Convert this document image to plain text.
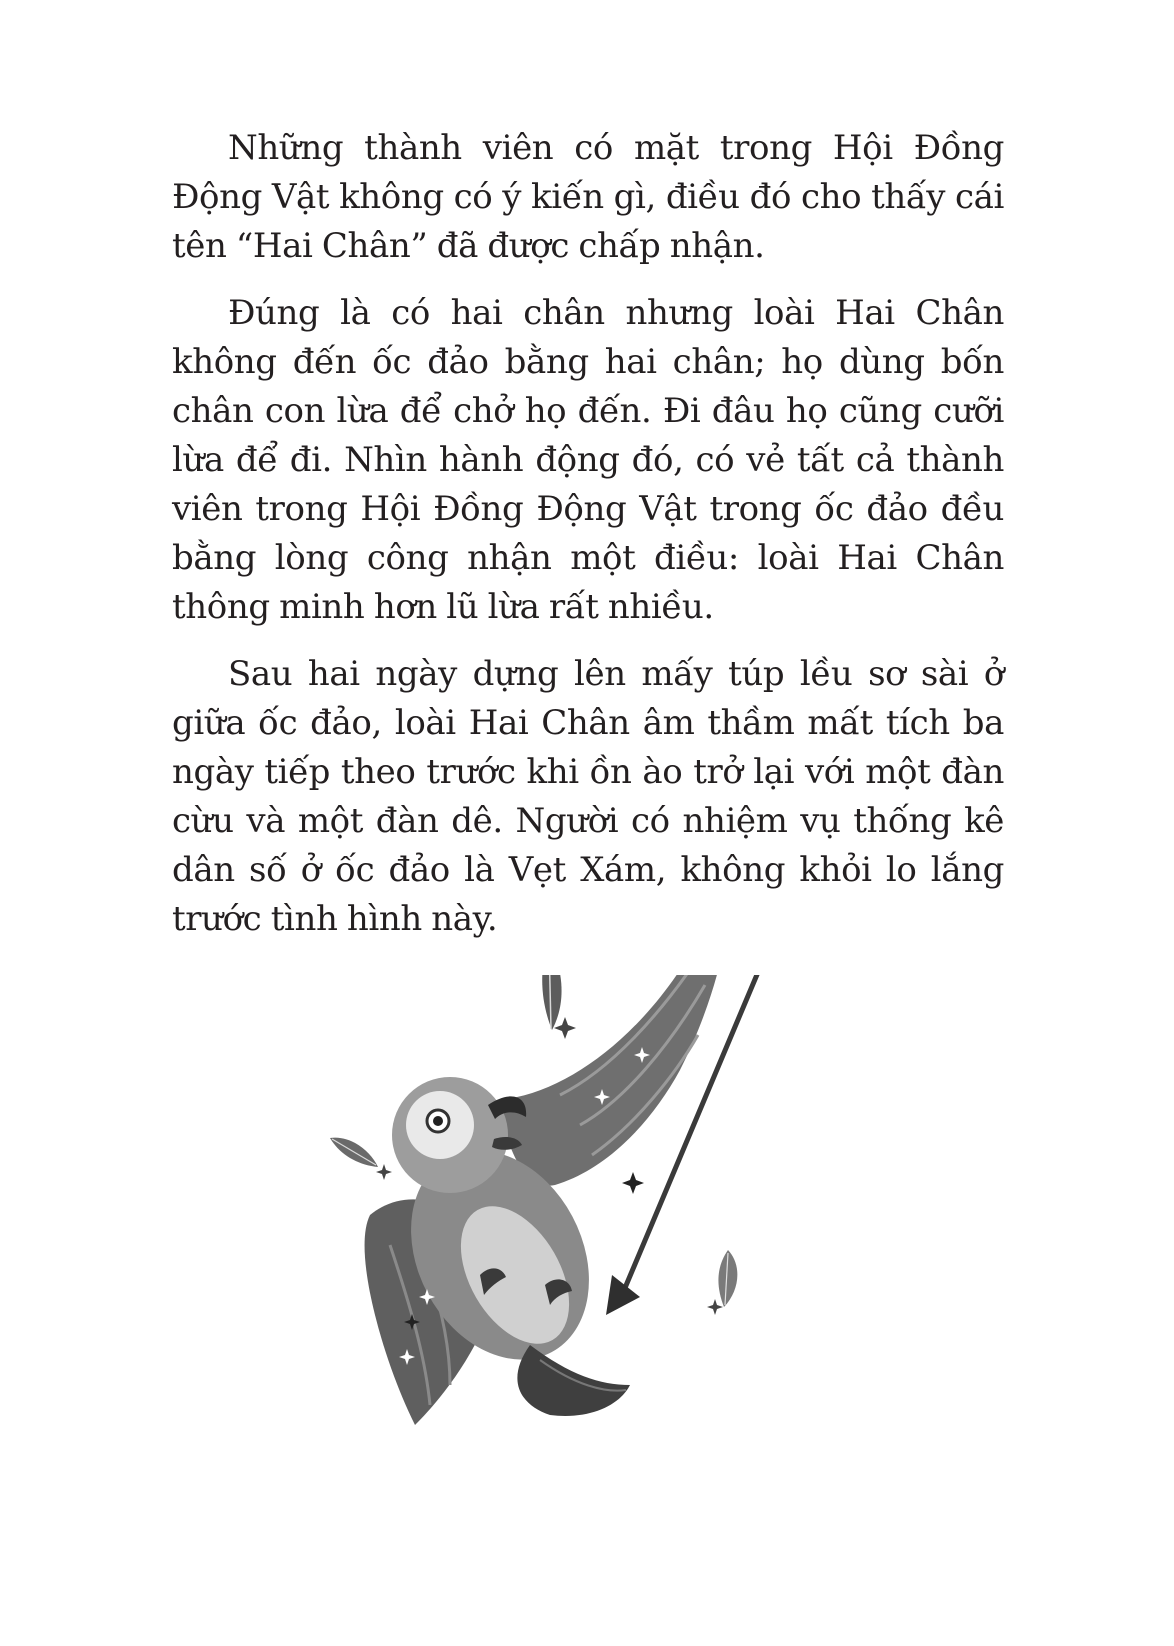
Những thành viên có mặt trong Hội Đồng Động Vật không có ý kiến gì, điều đó cho thấy cái tên “Hai Chân” đã được chấp nhận.

Đúng là có hai chân nhưng loài Hai Chân không đến ốc đảo bằng hai chân; họ dùng bốn chân con lừa để chở họ đến. Đi đâu họ cũng cưỡi lừa để đi. Nhìn hành động đó, có vẻ tất cả thành viên trong Hội Đồng Động Vật trong ốc đảo đều bằng lòng công nhận một điều: loài Hai Chân thông minh hơn lũ lừa rất nhiều.

Sau hai ngày dựng lên mấy túp lều sơ sài ở giữa ốc đảo, loài Hai Chân âm thầm mất tích ba ngày tiếp theo trước khi ồn ào trở lại với một đàn cừu và một đàn dê. Người có nhiệm vụ thống kê dân số ở ốc đảo là Vẹt Xám, không khỏi lo lắng trước tình hình này.
